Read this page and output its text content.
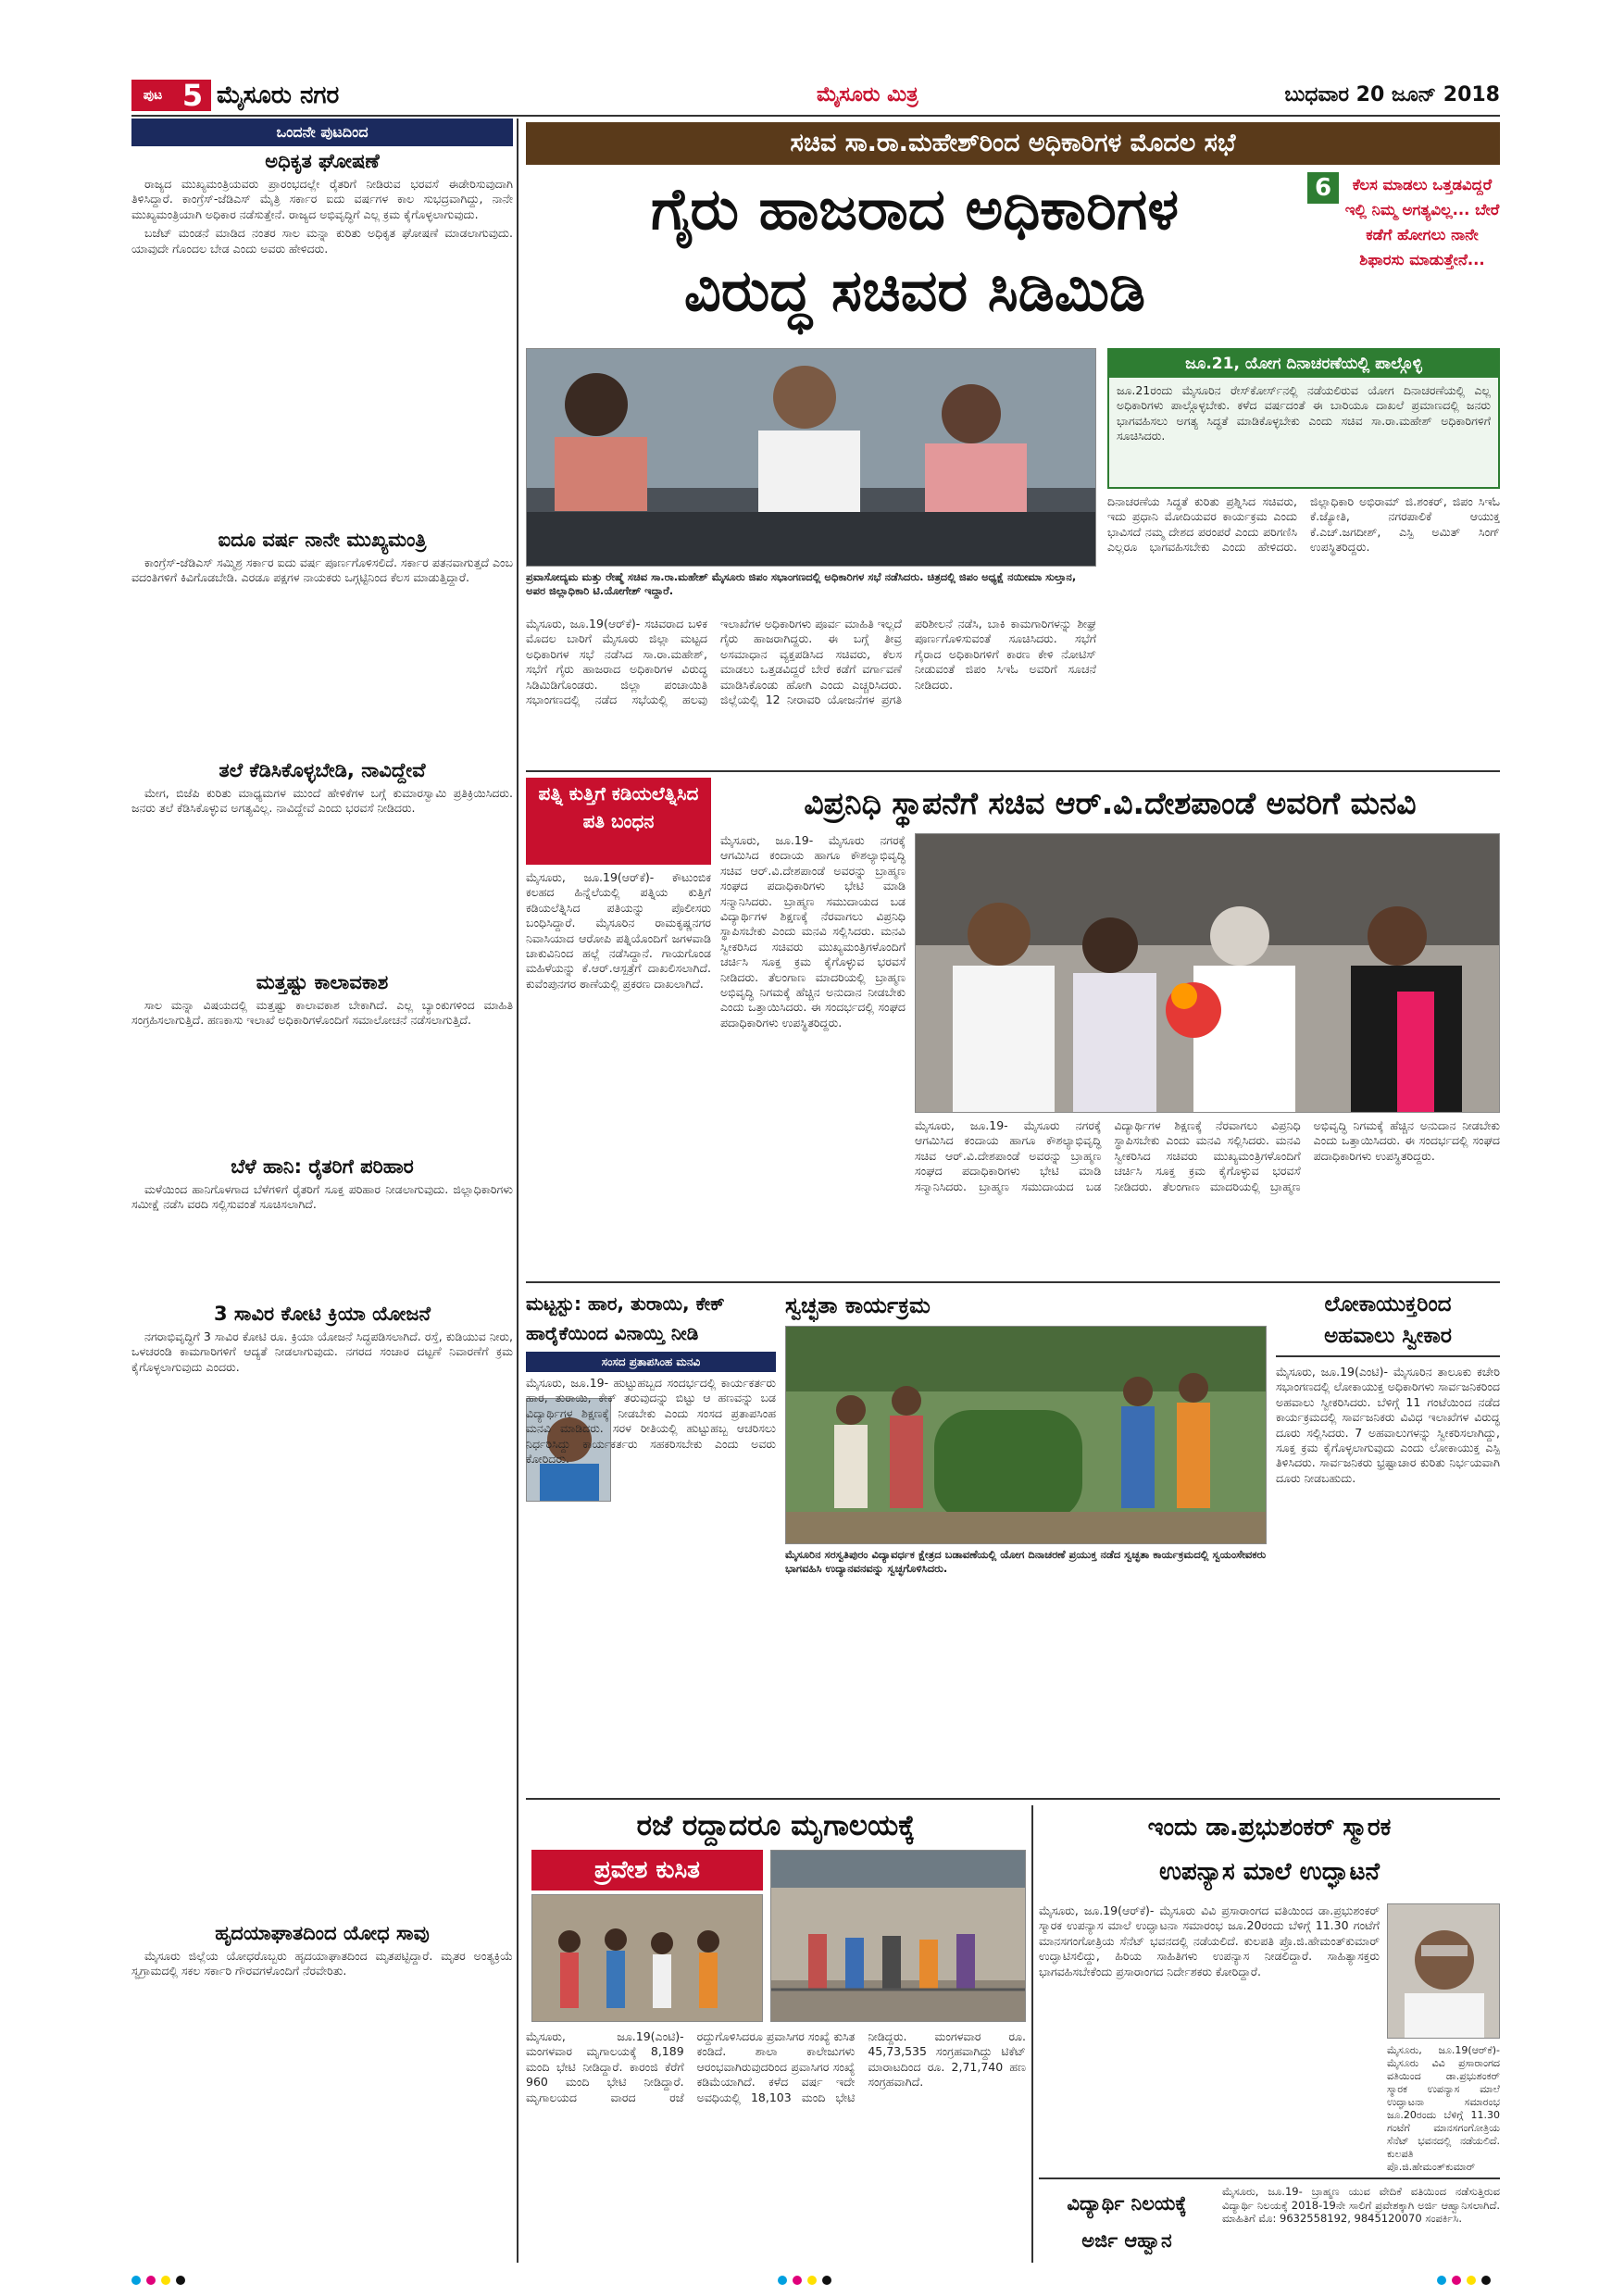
ಪುಟ 5 ಮೈಸೂರು ನಗರ	ಮೈಸೂರು ಮಿತ್ರ	ಬುಧವಾರ 20 ಜೂನ್ 2018
ಒಂದನೇ ಪುಟದಿಂದ
ಅಧಿಕೃತ ಘೋಷಣೆ

ರಾಜ್ಯದ ಮುಖ್ಯಮಂತ್ರಿಯವರು ಪ್ರಾರಂಭದಲ್ಲೇ ರೈತರಿಗೆ ನೀಡಿರುವ ಭರವಸೆ ಈಡೇರಿಸುವುದಾಗಿ ತಿಳಿಸಿದ್ದಾರೆ. ಕಾಂಗ್ರೆಸ್-ಜೆಡಿಎಸ್ ಮೈತ್ರಿ ಸರ್ಕಾರ ಐದು ವರ್ಷಗಳ ಕಾಲ ಸುಭದ್ರವಾಗಿದ್ದು, ನಾನೇ ಮುಖ್ಯಮಂತ್ರಿಯಾಗಿ ಅಧಿಕಾರ ನಡೆಸುತ್ತೇನೆ. ರಾಜ್ಯದ ಅಭಿವೃದ್ಧಿಗೆ ಎಲ್ಲ ಕ್ರಮ ಕೈಗೊಳ್ಳಲಾಗುವುದು.

ಬಜೆಟ್ ಮಂಡನೆ ಮಾಡಿದ ನಂತರ ಸಾಲ ಮನ್ನಾ ಕುರಿತು ಅಧಿಕೃತ ಘೋಷಣೆ ಮಾಡಲಾಗುವುದು. ಯಾವುದೇ ಗೊಂದಲ ಬೇಡ ಎಂದು ಅವರು ಹೇಳಿದರು.

ಐದೂ ವರ್ಷ ನಾನೇ ಮುಖ್ಯಮಂತ್ರಿ

ಕಾಂಗ್ರೆಸ್-ಜೆಡಿಎಸ್ ಸಮ್ಮಿಶ್ರ ಸರ್ಕಾರ ಐದು ವರ್ಷ ಪೂರ್ಣಗೊಳಿಸಲಿದೆ. ಸರ್ಕಾರ ಪತನವಾಗುತ್ತದೆ ಎಂಬ ವದಂತಿಗಳಿಗೆ ಕಿವಿಗೊಡಬೇಡಿ. ಎರಡೂ ಪಕ್ಷಗಳ ನಾಯಕರು ಒಗ್ಗಟ್ಟಿನಿಂದ ಕೆಲಸ ಮಾಡುತ್ತಿದ್ದಾರೆ.

ತಲೆ ಕೆಡಿಸಿಕೊಳ್ಳಬೇಡಿ, ನಾವಿದ್ದೇವೆ

ಮೇಗ, ಬಿಜೆಪಿ ಕುರಿತು ಮಾಧ್ಯಮಗಳ ಮುಂದೆ ಹೇಳಿಕೆಗಳ ಬಗ್ಗೆ ಕುಮಾರಸ್ವಾಮಿ ಪ್ರತಿಕ್ರಿಯಿಸಿದರು. ಜನರು ತಲೆ ಕೆಡಿಸಿಕೊಳ್ಳುವ ಅಗತ್ಯವಿಲ್ಲ. ನಾವಿದ್ದೇವೆ ಎಂದು ಭರವಸೆ ನೀಡಿದರು.

ಮತ್ತಷ್ಟು ಕಾಲಾವಕಾಶ

ಸಾಲ ಮನ್ನಾ ವಿಷಯದಲ್ಲಿ ಮತ್ತಷ್ಟು ಕಾಲಾವಕಾಶ ಬೇಕಾಗಿದೆ. ಎಲ್ಲ ಬ್ಯಾಂಕುಗಳಿಂದ ಮಾಹಿತಿ ಸಂಗ್ರಹಿಸಲಾಗುತ್ತಿದೆ. ಹಣಕಾಸು ಇಲಾಖೆ ಅಧಿಕಾರಿಗಳೊಂದಿಗೆ ಸಮಾಲೋಚನೆ ನಡೆಸಲಾಗುತ್ತಿದೆ.

ಬೆಳೆ ಹಾನಿ: ರೈತರಿಗೆ ಪರಿಹಾರ

ಮಳೆಯಿಂದ ಹಾನಿಗೊಳಗಾದ ಬೆಳೆಗಳಿಗೆ ರೈತರಿಗೆ ಸೂಕ್ತ ಪರಿಹಾರ ನೀಡಲಾಗುವುದು. ಜಿಲ್ಲಾಧಿಕಾರಿಗಳು ಸಮೀಕ್ಷೆ ನಡೆಸಿ ವರದಿ ಸಲ್ಲಿಸುವಂತೆ ಸೂಚಿಸಲಾಗಿದೆ.

3 ಸಾವಿರ ಕೋಟಿ ಕ್ರಿಯಾ ಯೋಜನೆ

ನಗರಾಭಿವೃದ್ಧಿಗೆ 3 ಸಾವಿರ ಕೋಟಿ ರೂ. ಕ್ರಿಯಾ ಯೋಜನೆ ಸಿದ್ಧಪಡಿಸಲಾಗಿದೆ. ರಸ್ತೆ, ಕುಡಿಯುವ ನೀರು, ಒಳಚರಂಡಿ ಕಾಮಗಾರಿಗಳಿಗೆ ಆದ್ಯತೆ ನೀಡಲಾಗುವುದು. ನಗರದ ಸಂಚಾರ ದಟ್ಟಣೆ ನಿವಾರಣೆಗೆ ಕ್ರಮ ಕೈಗೊಳ್ಳಲಾಗುವುದು ಎಂದರು.

ಹೃದಯಾಘಾತದಿಂದ ಯೋಧ ಸಾವು

ಮೈಸೂರು ಜಿಲ್ಲೆಯ ಯೋಧರೊಬ್ಬರು ಹೃದಯಾಘಾತದಿಂದ ಮೃತಪಟ್ಟಿದ್ದಾರೆ. ಮೃತರ ಅಂತ್ಯಕ್ರಿಯೆ ಸ್ವಗ್ರಾಮದಲ್ಲಿ ಸಕಲ ಸರ್ಕಾರಿ ಗೌರವಗಳೊಂದಿಗೆ ನೆರವೇರಿತು.

ಸಚಿವ ಸಾ.ರಾ.ಮಹೇಶ್‌ರಿಂದ ಅಧಿಕಾರಿಗಳ ಮೊದಲ ಸಭೆ
ಗೈರು ಹಾಜರಾದ ಅಧಿಕಾರಿಗಳ
ವಿರುದ್ಧ ಸಚಿವರ ಸಿಡಿಮಿಡಿ
6	ಕೆಲಸ ಮಾಡಲು ಒತ್ತಡವಿದ್ದರೆ ಇಲ್ಲಿ ನಿಮ್ಮ ಅಗತ್ಯವಿಲ್ಲ... ಬೇರೆ ಕಡೆಗೆ ಹೋಗಲು ನಾನೇ ಶಿಫಾರಸು ಮಾಡುತ್ತೇನೆ...
ಪ್ರವಾಸೋದ್ಯಮ ಮತ್ತು ರೇಷ್ಮೆ ಸಚಿವ ಸಾ.ರಾ.ಮಹೇಶ್ ಮೈಸೂರು ಜಿಪಂ ಸಭಾಂಗಣದಲ್ಲಿ ಅಧಿಕಾರಿಗಳ ಸಭೆ ನಡೆಸಿದರು. ಚಿತ್ರದಲ್ಲಿ ಜಿಪಂ ಅಧ್ಯಕ್ಷೆ ನಯೀಮಾ ಸುಲ್ತಾನ, ಅಪರ ಜಿಲ್ಲಾಧಿಕಾರಿ ಟಿ.ಯೋಗೇಶ್ ಇದ್ದಾರೆ.
ಮೈಸೂರು, ಜೂ.19(ಆರ್‌ಕೆ)- ಸಚಿವರಾದ ಬಳಿಕ ಮೊದಲ ಬಾರಿಗೆ ಮೈಸೂರು ಜಿಲ್ಲಾ ಮಟ್ಟದ ಅಧಿಕಾರಿಗಳ ಸಭೆ ನಡೆಸಿದ ಸಾ.ರಾ.ಮಹೇಶ್, ಸಭೆಗೆ ಗೈರು ಹಾಜರಾದ ಅಧಿಕಾರಿಗಳ ವಿರುದ್ಧ ಸಿಡಿಮಿಡಿಗೊಂಡರು. ಜಿಲ್ಲಾ ಪಂಚಾಯಿತಿ ಸಭಾಂಗಣದಲ್ಲಿ ನಡೆದ ಸಭೆಯಲ್ಲಿ ಹಲವು ಇಲಾಖೆಗಳ ಅಧಿಕಾರಿಗಳು ಪೂರ್ವ ಮಾಹಿತಿ ಇಲ್ಲದೆ ಗೈರು ಹಾಜರಾಗಿದ್ದರು. ಈ ಬಗ್ಗೆ ತೀವ್ರ ಅಸಮಾಧಾನ ವ್ಯಕ್ತಪಡಿಸಿದ ಸಚಿವರು, ಕೆಲಸ ಮಾಡಲು ಒತ್ತಡವಿದ್ದರೆ ಬೇರೆ ಕಡೆಗೆ ವರ್ಗಾವಣೆ ಮಾಡಿಸಿಕೊಂಡು ಹೋಗಿ ಎಂದು ಎಚ್ಚರಿಸಿದರು. ಜಿಲ್ಲೆಯಲ್ಲಿ 12 ನೀರಾವರಿ ಯೋಜನೆಗಳ ಪ್ರಗತಿ ಪರಿಶೀಲನೆ ನಡೆಸಿ, ಬಾಕಿ ಕಾಮಗಾರಿಗಳನ್ನು ಶೀಘ್ರ ಪೂರ್ಣಗೊಳಿಸುವಂತೆ ಸೂಚಿಸಿದರು. ಸಭೆಗೆ ಗೈರಾದ ಅಧಿಕಾರಿಗಳಿಗೆ ಕಾರಣ ಕೇಳಿ ನೋಟಿಸ್ ನೀಡುವಂತೆ ಜಿಪಂ ಸಿಇಓ ಅವರಿಗೆ ಸೂಚನೆ ನೀಡಿದರು.
ಜೂ.21, ಯೋಗ ದಿನಾಚರಣೆಯಲ್ಲಿ ಪಾಲ್ಗೊಳ್ಳಿ
ಜೂ.21ರಂದು ಮೈಸೂರಿನ ರೇಸ್‌ಕೋರ್ಸ್‌ನಲ್ಲಿ ನಡೆಯಲಿರುವ ಯೋಗ ದಿನಾಚರಣೆಯಲ್ಲಿ ಎಲ್ಲ ಅಧಿಕಾರಿಗಳು ಪಾಲ್ಗೊಳ್ಳಬೇಕು. ಕಳೆದ ವರ್ಷದಂತೆ ಈ ಬಾರಿಯೂ ದಾಖಲೆ ಪ್ರಮಾಣದಲ್ಲಿ ಜನರು ಭಾಗವಹಿಸಲು ಅಗತ್ಯ ಸಿದ್ಧತೆ ಮಾಡಿಕೊಳ್ಳಬೇಕು ಎಂದು ಸಚಿವ ಸಾ.ರಾ.ಮಹೇಶ್ ಅಧಿಕಾರಿಗಳಿಗೆ ಸೂಚಿಸಿದರು.
ದಿನಾಚರಣೆಯ ಸಿದ್ಧತೆ ಕುರಿತು ಪ್ರಶ್ನಿಸಿದ ಸಚಿವರು, ಇದು ಪ್ರಧಾನಿ ಮೋದಿಯವರ ಕಾರ್ಯಕ್ರಮ ಎಂದು ಭಾವಿಸದೆ ನಮ್ಮ ದೇಶದ ಪರಂಪರೆ ಎಂದು ಪರಿಗಣಿಸಿ ಎಲ್ಲರೂ ಭಾಗವಹಿಸಬೇಕು ಎಂದು ಹೇಳಿದರು. ಜಿಲ್ಲಾಧಿಕಾರಿ ಅಭಿರಾಮ್ ಜಿ.ಶಂಕರ್, ಜಿಪಂ ಸಿಇಓ ಕೆ.ಜ್ಯೋತಿ, ನಗರಪಾಲಿಕೆ ಆಯುಕ್ತ ಕೆ.ಎಚ್.ಜಗದೀಶ್, ಎಸ್ಪಿ ಅಮಿತ್ ಸಿಂಗ್ ಉಪಸ್ಥಿತರಿದ್ದರು.
ಪತ್ನಿ ಕುತ್ತಿಗೆ ಕಡಿಯಲೆತ್ನಿಸಿದ ಪತಿ ಬಂಧನ
ಮೈಸೂರು, ಜೂ.19(ಆರ್‌ಕೆ)- ಕೌಟುಂಬಿಕ ಕಲಹದ ಹಿನ್ನೆಲೆಯಲ್ಲಿ ಪತ್ನಿಯ ಕುತ್ತಿಗೆ ಕಡಿಯಲೆತ್ನಿಸಿದ ಪತಿಯನ್ನು ಪೊಲೀಸರು ಬಂಧಿಸಿದ್ದಾರೆ. ಮೈಸೂರಿನ ರಾಮಕೃಷ್ಣನಗರ ನಿವಾಸಿಯಾದ ಆರೋಪಿ ಪತ್ನಿಯೊಂದಿಗೆ ಜಗಳವಾಡಿ ಚಾಕುವಿನಿಂದ ಹಲ್ಲೆ ನಡೆಸಿದ್ದಾನೆ. ಗಾಯಗೊಂಡ ಮಹಿಳೆಯನ್ನು ಕೆ.ಆರ್.ಆಸ್ಪತ್ರೆಗೆ ದಾಖಲಿಸಲಾಗಿದೆ. ಕುವೆಂಪುನಗರ ಠಾಣೆಯಲ್ಲಿ ಪ್ರಕರಣ ದಾಖಲಾಗಿದೆ.
ವಿಪ್ರನಿಧಿ ಸ್ಥಾಪನೆಗೆ ಸಚಿವ ಆರ್.ವಿ.ದೇಶಪಾಂಡೆ ಅವರಿಗೆ ಮನವಿ
ಮೈಸೂರು, ಜೂ.19- ಮೈಸೂರು ನಗರಕ್ಕೆ ಆಗಮಿಸಿದ ಕಂದಾಯ ಹಾಗೂ ಕೌಶಲ್ಯಾಭಿವೃದ್ಧಿ ಸಚಿವ ಆರ್.ವಿ.ದೇಶಪಾಂಡೆ ಅವರನ್ನು ಬ್ರಾಹ್ಮಣ ಸಂಘದ ಪದಾಧಿಕಾರಿಗಳು ಭೇಟಿ ಮಾಡಿ ಸನ್ಮಾನಿಸಿದರು. ಬ್ರಾಹ್ಮಣ ಸಮುದಾಯದ ಬಡ ವಿದ್ಯಾರ್ಥಿಗಳ ಶಿಕ್ಷಣಕ್ಕೆ ನೆರವಾಗಲು ವಿಪ್ರನಿಧಿ ಸ್ಥಾಪಿಸಬೇಕು ಎಂದು ಮನವಿ ಸಲ್ಲಿಸಿದರು. ಮನವಿ ಸ್ವೀಕರಿಸಿದ ಸಚಿವರು ಮುಖ್ಯಮಂತ್ರಿಗಳೊಂದಿಗೆ ಚರ್ಚಿಸಿ ಸೂಕ್ತ ಕ್ರಮ ಕೈಗೊಳ್ಳುವ ಭರವಸೆ ನೀಡಿದರು. ತೆಲಂಗಾಣ ಮಾದರಿಯಲ್ಲಿ ಬ್ರಾಹ್ಮಣ ಅಭಿವೃದ್ಧಿ ನಿಗಮಕ್ಕೆ ಹೆಚ್ಚಿನ ಅನುದಾನ ನೀಡಬೇಕು ಎಂದು ಒತ್ತಾಯಿಸಿದರು. ಈ ಸಂದರ್ಭದಲ್ಲಿ ಸಂಘದ ಪದಾಧಿಕಾರಿಗಳು ಉಪಸ್ಥಿತರಿದ್ದರು.
ಮೈಸೂರು, ಜೂ.19- ಮೈಸೂರು ನಗರಕ್ಕೆ ಆಗಮಿಸಿದ ಕಂದಾಯ ಹಾಗೂ ಕೌಶಲ್ಯಾಭಿವೃದ್ಧಿ ಸಚಿವ ಆರ್.ವಿ.ದೇಶಪಾಂಡೆ ಅವರನ್ನು ಬ್ರಾಹ್ಮಣ ಸಂಘದ ಪದಾಧಿಕಾರಿಗಳು ಭೇಟಿ ಮಾಡಿ ಸನ್ಮಾನಿಸಿದರು. ಬ್ರಾಹ್ಮಣ ಸಮುದಾಯದ ಬಡ ವಿದ್ಯಾರ್ಥಿಗಳ ಶಿಕ್ಷಣಕ್ಕೆ ನೆರವಾಗಲು ವಿಪ್ರನಿಧಿ ಸ್ಥಾಪಿಸಬೇಕು ಎಂದು ಮನವಿ ಸಲ್ಲಿಸಿದರು. ಮನವಿ ಸ್ವೀಕರಿಸಿದ ಸಚಿವರು ಮುಖ್ಯಮಂತ್ರಿಗಳೊಂದಿಗೆ ಚರ್ಚಿಸಿ ಸೂಕ್ತ ಕ್ರಮ ಕೈಗೊಳ್ಳುವ ಭರವಸೆ ನೀಡಿದರು. ತೆಲಂಗಾಣ ಮಾದರಿಯಲ್ಲಿ ಬ್ರಾಹ್ಮಣ ಅಭಿವೃದ್ಧಿ ನಿಗಮಕ್ಕೆ ಹೆಚ್ಚಿನ ಅನುದಾನ ನೀಡಬೇಕು ಎಂದು ಒತ್ತಾಯಿಸಿದರು. ಈ ಸಂದರ್ಭದಲ್ಲಿ ಸಂಘದ ಪದಾಧಿಕಾರಿಗಳು ಉಪಸ್ಥಿತರಿದ್ದರು.
ಮಟ್ಟಸ್ಟು: ಹಾರ, ತುರಾಯಿ, ಕೇಕ್ ಹಾರೈಕೆಯಿಂದ ವಿನಾಯ್ತಿ ನೀಡಿ
ಸಂಸದ ಪ್ರತಾಪಸಿಂಹ ಮನವಿ
ಮೈಸೂರು, ಜೂ.19- ಹುಟ್ಟುಹಬ್ಬದ ಸಂದರ್ಭದಲ್ಲಿ ಕಾರ್ಯಕರ್ತರು ಹಾರ, ತುರಾಯಿ, ಕೇಕ್ ತರುವುದನ್ನು ಬಿಟ್ಟು ಆ ಹಣವನ್ನು ಬಡ ವಿದ್ಯಾರ್ಥಿಗಳ ಶಿಕ್ಷಣಕ್ಕೆ ನೀಡಬೇಕು ಎಂದು ಸಂಸದ ಪ್ರತಾಪಸಿಂಹ ಮನವಿ ಮಾಡಿದರು. ಸರಳ ರೀತಿಯಲ್ಲಿ ಹುಟ್ಟುಹಬ್ಬ ಆಚರಿಸಲು ನಿರ್ಧರಿಸಿದ್ದು ಕಾರ್ಯಕರ್ತರು ಸಹಕರಿಸಬೇಕು ಎಂದು ಅವರು ಕೋರಿದರು.
ಸ್ವಚ್ಛತಾ ಕಾರ್ಯಕ್ರಮ
ಮೈಸೂರಿನ ಸರಸ್ವತಿಪುರಂ ವಿದ್ಯಾವರ್ಧಕ ಕ್ಷೇತ್ರದ ಬಡಾವಣೆಯಲ್ಲಿ ಯೋಗ ದಿನಾಚರಣೆ ಪ್ರಯುಕ್ತ ನಡೆದ ಸ್ವಚ್ಛತಾ ಕಾರ್ಯಕ್ರಮದಲ್ಲಿ ಸ್ವಯಂಸೇವಕರು ಭಾಗವಹಿಸಿ ಉದ್ಯಾನವನವನ್ನು ಸ್ವಚ್ಛಗೊಳಿಸಿದರು.
ಲೋಕಾಯುಕ್ತರಿಂದ
ಅಹವಾಲು ಸ್ವೀಕಾರ
ಮೈಸೂರು, ಜೂ.19(ಎಂಟಿ)- ಮೈಸೂರಿನ ತಾಲೂಕು ಕಚೇರಿ ಸಭಾಂಗಣದಲ್ಲಿ ಲೋಕಾಯುಕ್ತ ಅಧಿಕಾರಿಗಳು ಸಾರ್ವಜನಿಕರಿಂದ ಅಹವಾಲು ಸ್ವೀಕರಿಸಿದರು. ಬೆಳಿಗ್ಗೆ 11 ಗಂಟೆಯಿಂದ ನಡೆದ ಕಾರ್ಯಕ್ರಮದಲ್ಲಿ ಸಾರ್ವಜನಿಕರು ವಿವಿಧ ಇಲಾಖೆಗಳ ವಿರುದ್ಧ ದೂರು ಸಲ್ಲಿಸಿದರು. 7 ಅಹವಾಲುಗಳನ್ನು ಸ್ವೀಕರಿಸಲಾಗಿದ್ದು, ಸೂಕ್ತ ಕ್ರಮ ಕೈಗೊಳ್ಳಲಾಗುವುದು ಎಂದು ಲೋಕಾಯುಕ್ತ ಎಸ್ಪಿ ತಿಳಿಸಿದರು. ಸಾರ್ವಜನಿಕರು ಭ್ರಷ್ಟಾಚಾರ ಕುರಿತು ನಿರ್ಭಯವಾಗಿ ದೂರು ನೀಡಬಹುದು.
ರಜೆ ರದ್ದಾದರೂ ಮೃಗಾಲಯಕ್ಕೆ
ಪ್ರವೇಶ ಕುಸಿತ
ಮೈಸೂರು, ಜೂ.19(ಎಂಟಿ)- ಮಂಗಳವಾರ ಮೃಗಾಲಯಕ್ಕೆ 8,189 ಮಂದಿ ಭೇಟಿ ನೀಡಿದ್ದಾರೆ. ಕಾರಂಜಿ ಕೆರೆಗೆ 960 ಮಂದಿ ಭೇಟಿ ನೀಡಿದ್ದಾರೆ. ಮೃಗಾಲಯದ ವಾರದ ರಜೆ ರದ್ದುಗೊಳಿಸಿದರೂ ಪ್ರವಾಸಿಗರ ಸಂಖ್ಯೆ ಕುಸಿತ ಕಂಡಿದೆ. ಶಾಲಾ ಕಾಲೇಜುಗಳು ಆರಂಭವಾಗಿರುವುದರಿಂದ ಪ್ರವಾಸಿಗರ ಸಂಖ್ಯೆ ಕಡಿಮೆಯಾಗಿದೆ. ಕಳೆದ ವರ್ಷ ಇದೇ ಅವಧಿಯಲ್ಲಿ 18,103 ಮಂದಿ ಭೇಟಿ ನೀಡಿದ್ದರು. ಮಂಗಳವಾರ ರೂ. 45,73,535 ಸಂಗ್ರಹವಾಗಿದ್ದು ಟಿಕೆಟ್ ಮಾರಾಟದಿಂದ ರೂ. 2,71,740 ಹಣ ಸಂಗ್ರಹವಾಗಿದೆ.
ಇಂದು ಡಾ.ಪ್ರಭುಶಂಕರ್ ಸ್ಮಾರಕ
ಉಪನ್ಯಾಸ ಮಾಲೆ ಉದ್ಘಾಟನೆ
ಮೈಸೂರು, ಜೂ.19(ಆರ್‌ಕೆ)- ಮೈಸೂರು ವಿವಿ ಪ್ರಸಾರಾಂಗದ ವತಿಯಿಂದ ಡಾ.ಪ್ರಭುಶಂಕರ್ ಸ್ಮಾರಕ ಉಪನ್ಯಾಸ ಮಾಲೆ ಉದ್ಘಾಟನಾ ಸಮಾರಂಭ ಜೂ.20ರಂದು ಬೆಳಿಗ್ಗೆ 11.30 ಗಂಟೆಗೆ ಮಾನಸಗಂಗೋತ್ರಿಯ ಸೆನೆಟ್ ಭವನದಲ್ಲಿ ನಡೆಯಲಿದೆ. ಕುಲಪತಿ ಪ್ರೊ.ಜಿ.ಹೇಮಂತ್‌ಕುಮಾರ್ ಉದ್ಘಾಟಿಸಲಿದ್ದು, ಹಿರಿಯ ಸಾಹಿತಿಗಳು ಉಪನ್ಯಾಸ ನೀಡಲಿದ್ದಾರೆ. ಸಾಹಿತ್ಯಾಸಕ್ತರು ಭಾಗವಹಿಸಬೇಕೆಂದು ಪ್ರಸಾರಾಂಗದ ನಿರ್ದೇಶಕರು ಕೋರಿದ್ದಾರೆ.
ಮೈಸೂರು, ಜೂ.19(ಆರ್‌ಕೆ)- ಮೈಸೂರು ವಿವಿ ಪ್ರಸಾರಾಂಗದ ವತಿಯಿಂದ ಡಾ.ಪ್ರಭುಶಂಕರ್ ಸ್ಮಾರಕ ಉಪನ್ಯಾಸ ಮಾಲೆ ಉದ್ಘಾಟನಾ ಸಮಾರಂಭ ಜೂ.20ರಂದು ಬೆಳಿಗ್ಗೆ 11.30 ಗಂಟೆಗೆ ಮಾನಸಗಂಗೋತ್ರಿಯ ಸೆನೆಟ್ ಭವನದಲ್ಲಿ ನಡೆಯಲಿದೆ. ಕುಲಪತಿ ಪ್ರೊ.ಜಿ.ಹೇಮಂತ್‌ಕುಮಾರ್
ವಿದ್ಯಾರ್ಥಿ ನಿಲಯಕ್ಕೆ
ಅರ್ಜಿ ಆಹ್ವಾನ
ಮೈಸೂರು, ಜೂ.19- ಬ್ರಾಹ್ಮಣ ಯುವ ವೇದಿಕೆ ವತಿಯಿಂದ ನಡೆಸುತ್ತಿರುವ ವಿದ್ಯಾರ್ಥಿ ನಿಲಯಕ್ಕೆ 2018-19ನೇ ಸಾಲಿಗೆ ಪ್ರವೇಶಕ್ಕಾಗಿ ಅರ್ಜಿ ಆಹ್ವಾನಿಸಲಾಗಿದೆ. ಮಾಹಿತಿಗೆ ಮೊ: 9632558192, 9845120070 ಸಂಪರ್ಕಿಸಿ.
